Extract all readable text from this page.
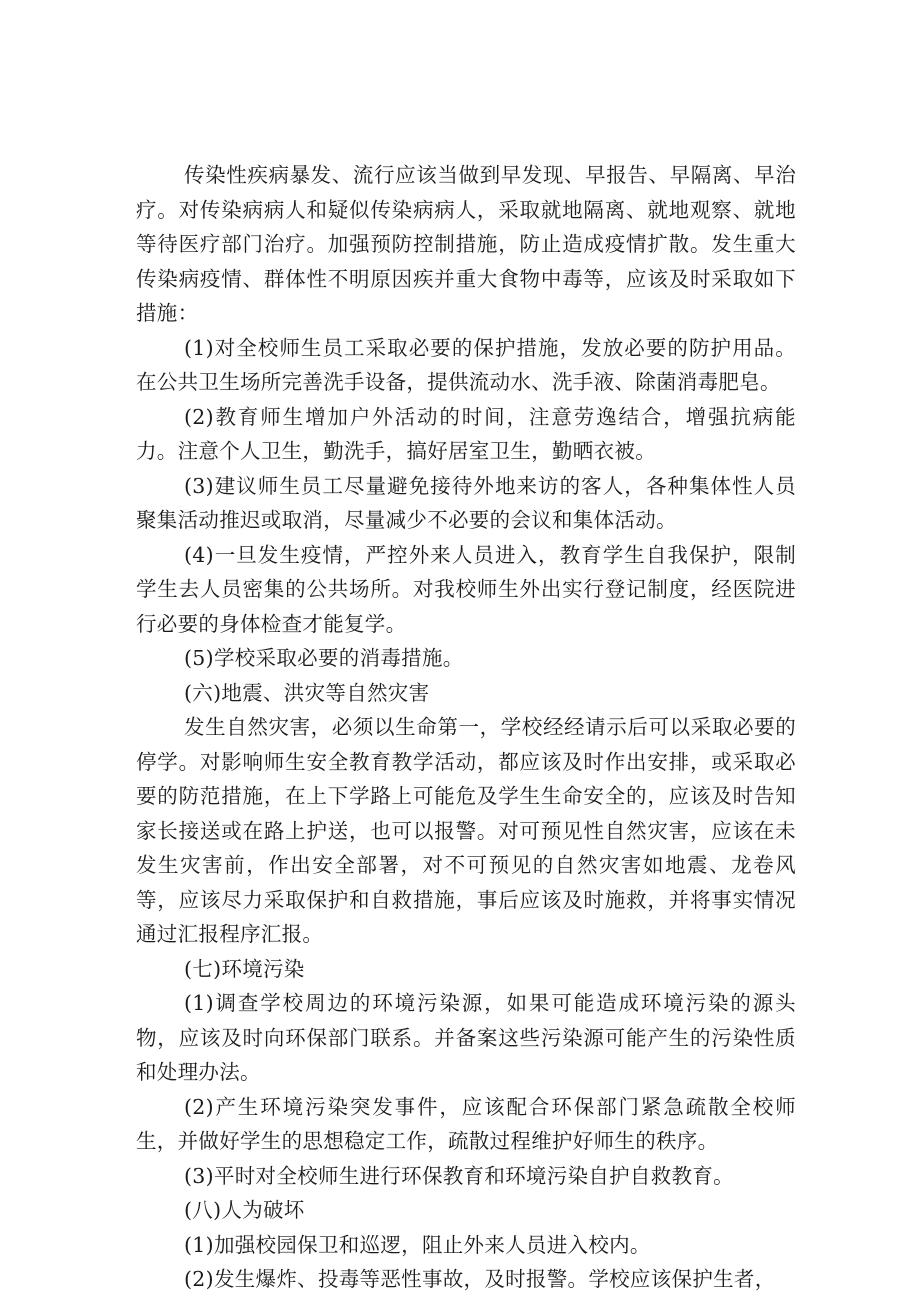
传染性疾病暴发、流行应该当做到早发现、早报告、早隔离、早治疗。对传染病病人和疑似传染病病人，采取就地隔离、就地观察、就地等待医疗部门治疗。加强预防控制措施，防止造成疫情扩散。发生重大传染病疫情、群体性不明原因疾并重大食物中毒等，应该及时采取如下措施：

(1)对全校师生员工采取必要的保护措施，发放必要的防护用品。在公共卫生场所完善洗手设备，提供流动水、洗手液、除菌消毒肥皂。

(2)教育师生增加户外活动的时间，注意劳逸结合，增强抗病能力。注意个人卫生，勤洗手，搞好居室卫生，勤晒衣被。

(3)建议师生员工尽量避免接待外地来访的客人，各种集体性人员聚集活动推迟或取消，尽量减少不必要的会议和集体活动。

(4)一旦发生疫情，严控外来人员进入，教育学生自我保护，限制学生去人员密集的公共场所。对我校师生外出实行登记制度，经医院进行必要的身体检查才能复学。

(5)学校采取必要的消毒措施。

(六)地震、洪灾等自然灾害

发生自然灾害，必须以生命第一，学校经经请示后可以采取必要的停学。对影响师生安全教育教学活动，都应该及时作出安排，或采取必要的防范措施，在上下学路上可能危及学生生命安全的，应该及时告知家长接送或在路上护送，也可以报警。对可预见性自然灾害，应该在未发生灾害前，作出安全部署，对不可预见的自然灾害如地震、龙卷风等，应该尽力采取保护和自救措施，事后应该及时施救，并将事实情况通过汇报程序汇报。

(七)环境污染

(1)调查学校周边的环境污染源，如果可能造成环境污染的源头物，应该及时向环保部门联系。并备案这些污染源可能产生的污染性质和处理办法。

(2)产生环境污染突发事件，应该配合环保部门紧急疏散全校师生，并做好学生的思想稳定工作，疏散过程维护好师生的秩序。

(3)平时对全校师生进行环保教育和环境污染自护自救教育。

(八)人为破坏

(1)加强校园保卫和巡逻，阻止外来人员进入校内。

(2)发生爆炸、投毒等恶性事故，及时报警。学校应该保护生者，
